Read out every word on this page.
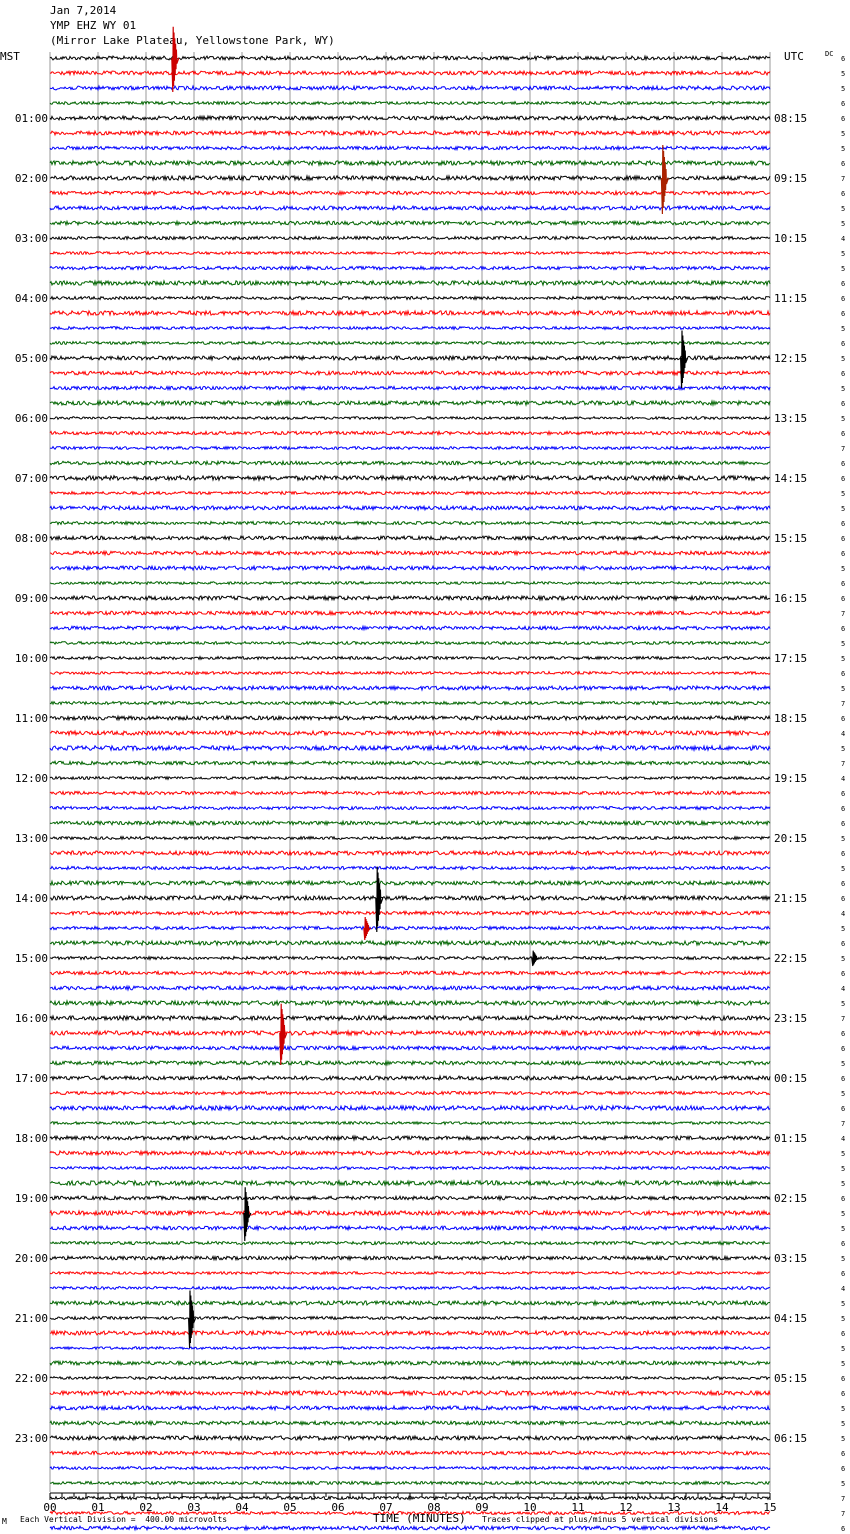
Jan 7,2014
YMP EHZ WY 01
(Mirror Lake Plateau, Yellowstone Park, WY)
MST	UTC	DC
01:00
02:00
03:00
04:00
05:00
06:00
07:00
08:00
09:00
10:00
11:00
12:00
13:00
14:00
15:00
16:00
17:00
18:00
19:00
20:00
21:00
22:00
23:00
08:15
09:15
10:15
11:15
12:15
13:15
14:15
15:15
16:15
17:15
18:15
19:15
20:15
21:15
22:15
23:15
00:15
01:15
02:15
03:15
04:15
05:15
06:15
6
5
5
6
6
5
5
6
7
6
5
5
4
5
5
6
6
6
5
6
5
6
5
6
5
6
7
6
6
5
5
6
6
6
5
6
6
7
6
5
5
6
5
7
6
4
5
7
4
6
6
6
5
6
5
6
6
4
5
6
5
6
4
5
7
6
6
5
6
5
6
7
4
5
5
5
6
5
5
6
5
6
4
5
5
6
5
5
6
6
5
5
5
6
6
5
7
7
6
00	01	02	03	04	05	06	07	08	09	10	11	12	13	14	15
TIME (MINUTES)
M Each Vertical Division =  400.00 microvolts	Traces clipped at plus/minus 5 vertical divisions
